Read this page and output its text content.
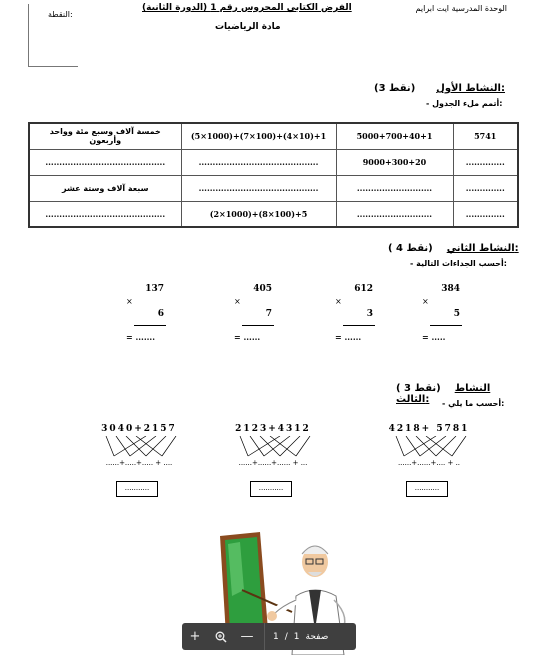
الوحدة المدرسية ايت ابرايم
الفرض الكتابي المحروس رقم 1 (الدورة الثانية)
مادة الرياضيات
النقطة:
(3 نقط) النشاط الأول:
- أتمم ملء الجدول:
خمسة آلاف وسبع مئة وواحد وأربعون	(5×1000)+(7×100)+(4×10)+1	5000+700+40+1	5741
...........................................	...........................................	9000+300+20	..............
سبعة آلاف وستة عشر	...........................................	...........................	..............
...........................................	(2×1000)+(8×100)+5	...........................	..............
( 4 نقط) النشاط الثاني:
- أحسب الجداءات التالية:
137
×
6
= .......
405
×
7
= ......
612
×
3
= ......
384
×
5
= .....
( 3 نقط) النشاط الثالث:	- أحسب ما يلي:
3040+2157
......+.....+..... + ....
...........
2123+4312
......+......+...... + ...
...........
4218+ 5781
......+......+.... + ..
...........
+	— 1 / 1 صفحة
